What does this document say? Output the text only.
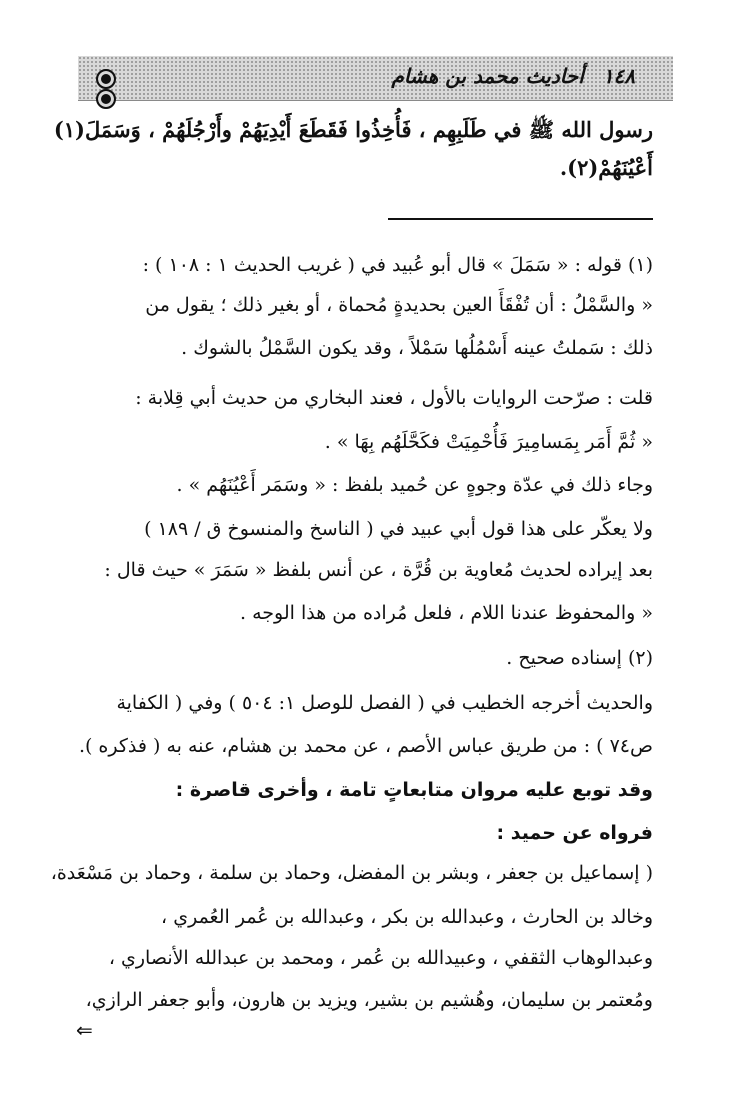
١٤٨ أحاديث محمد بن هشام
رسول الله ﷺ في طَلَبِهِم ، فَأُخِذُوا فَقَطَعَ أَيْدِيَهُمْ وأَرْجُلَهُمْ ، وَسَمَلَ(١)
أَعْيُنَهُمْ(٢).
(١) قوله : « سَمَلَ » قال أبو عُبيد في ( غريب الحديث ١ : ١٠٨ ) :
« والسَّمْلُ : أن تُفْقَأَ العين بحديدةٍ مُحماة ، أو بغير ذلك ؛ يقول من
ذلك : سَملتُ عينه أَسْمُلُها سَمْلاً ، وقد يكون السَّمْلُ بالشوك .
قلت : صرّحت الروايات بالأول ، فعند البخاري من حديث أبي قِلابة :
« ثُمَّ أَمَر بِمَسامِيرَ فَأُحْمِيَتْ فكَحَّلَهُم بِهَا » .
وجاء ذلك في عدّة وجوهٍ عن حُميد بلفظ : « وسَمَر أَعْيُنَهُم » .
ولا يعكّر على هذا قول أبي عبيد في ( الناسخ والمنسوخ ق / ١٨٩ )
بعد إيراده لحديث مُعاوية بن قُرَّة ، عن أنس بلفظ « سَمَرَ » حيث قال :
« والمحفوظ عندنا اللام ، فلعل مُراده من هذا الوجه .
(٢) إسناده صحيح .
والحديث أخرجه الخطيب في ( الفصل للوصل ١: ٥٠٤ ) وفي ( الكفاية
ص٧٤ ) : من طريق عباس الأصم ، عن محمد بن هشام، عنه به ( فذكره ).
وقد توبع عليه مروان متابعاتٍ تامة ، وأخرى قاصرة :
فرواه عن حميد :
( إسماعيل بن جعفر ، وبشر بن المفضل، وحماد بن سلمة ، وحماد بن مَسْعَدة،
وخالد بن الحارث ، وعبدالله بن بكر ، وعبدالله بن عُمر العُمري ،
وعبدالوهاب الثقفي ، وعبيدالله بن عُمر ، ومحمد بن عبدالله الأنصاري ،
ومُعتمر بن سليمان، وهُشيم بن بشير، ويزيد بن هارون، وأبو جعفر الرازي،
⇐
